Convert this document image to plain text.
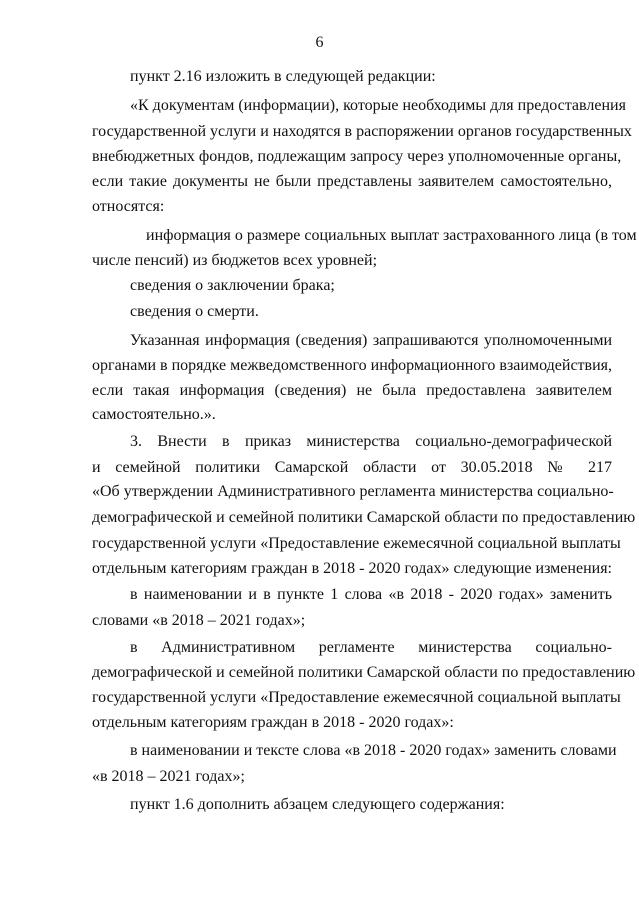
6
пункт 2.16 изложить в следующей редакции:
«К документам (информации), которые необходимы для предоставления
государственной услуги и находятся в распоряжении органов государственных
внебюджетных фондов, подлежащим запросу через уполномоченные органы,
если такие документы не были представлены заявителем самостоятельно,
относятся:
информация о размере социальных выплат застрахованного лица (в том
числе пенсий) из бюджетов всех уровней;
сведения о заключении брака;
сведения о смерти.
Указанная информация (сведения) запрашиваются уполномоченными
органами в порядке межведомственного информационного взаимодействия,
если такая информация (сведения) не была предоставлена заявителем
самостоятельно.».
3. Внести в приказ министерства социально-демографической
и семейной политики Самарской области от 30.05.2018 № 217
«Об утверждении Административного регламента министерства социально-
демографической и семейной политики Самарской области по предоставлению
государственной услуги «Предоставление ежемесячной социальной выплаты
отдельным категориям граждан в 2018 - 2020 годах» следующие изменения:
в наименовании и в пункте 1 слова «в 2018 - 2020 годах» заменить
словами «в 2018 – 2021 годах»;
в Административном регламенте министерства социально-
демографической и семейной политики Самарской области по предоставлению
государственной услуги «Предоставление ежемесячной социальной выплаты
отдельным категориям граждан в 2018 - 2020 годах»:
в наименовании и тексте слова «в 2018 - 2020 годах» заменить словами
«в 2018 – 2021 годах»;
пункт 1.6 дополнить абзацем следующего содержания:
